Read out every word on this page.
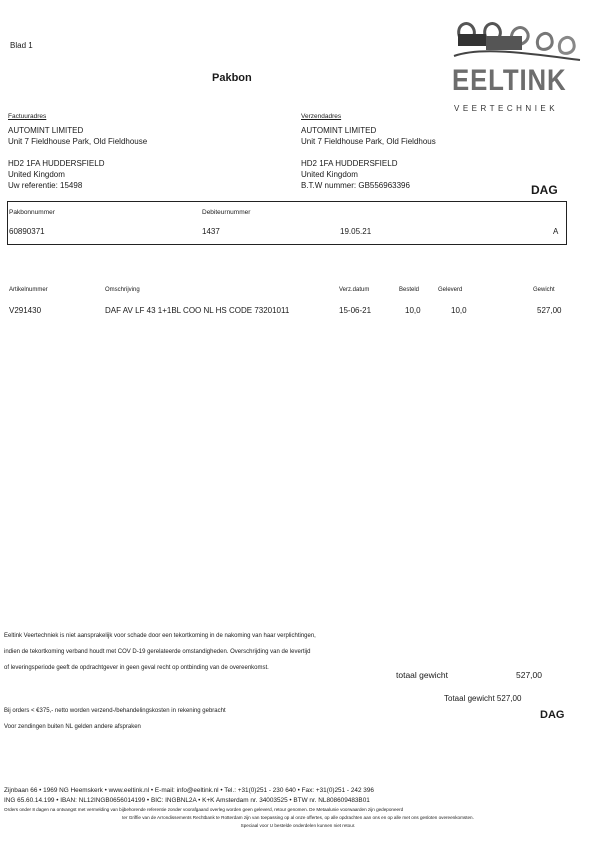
Blad 1
Pakbon	EELTINK
VEERTECHNIEK
Factuuradres
AUTOMINT LIMITED
Unit 7 Fieldhouse Park, Old Fieldhouse
HD2 1FA HUDDERSFIELD
United Kingdom
Uw referentie: 15498
Verzendadres
AUTOMINT LIMITED
Unit 7 Fieldhouse Park, Old Fieldhous
HD2 1FA HUDDERSFIELD
United Kingdom
B.T.W nummer: GB556963396	DAG
Pakbonnummer	Debiteurnummer
60890371	1437	19.05.21	A
Artikelnummer	Omschrijving	Verz.datum	Besteld	Geleverd	Gewicht
V291430	DAF AV LF 43 1+1BL COO NL HS CODE 73201011	15-06-21	10,0	10,0	527,00
Eeltink Veertechniek is niet aansprakelijk voor schade door een tekortkoming in de nakoming van haar verplichtingen,
indien de tekortkoming verband houdt met COV D-19 gerelateerde omstandigheden. Overschrijding van de levertijd
of leveringsperiode geeft de opdrachtgever in geen geval recht op ontbinding van de overeenkomst.
totaal gewicht	527,00
Totaal gewicht 527,00
Bij orders < €375,- netto worden verzend-/behandelingskosten in rekening gebracht
Voor zendingen buiten NL gelden andere afspraken
DAG
Zijnbaan 66 • 1969 NG Heemskerk • www.eeltink.nl • E-mail: info@eeltink.nl • Tel.: +31(0)251 - 230 640 • Fax: +31(0)251 - 242 396
ING 65.60.14.199 • IBAN: NL12INGB0656014199 • BIC: INGBNL2A • K+K Amsterdam nr. 34003525 • BTW nr. NL808609483B01
Orders onder 8 dagen na ontvangst met vermelding van bijbehorende referentie zonder voorafgaand overleg worden geen geleverd, retour genomen. De Metaalunie voorwaarden zijn gedeponeerd
ter Griffie van de Arrondissements Rechtbank te Rotterdam zijn van toepassing op al onze offertes, op alle opdrachten aan ons en op alle met ons gesloten overeenkomsten.
Speciaal voor U bestelde onderdelen kunnen niet retour.
